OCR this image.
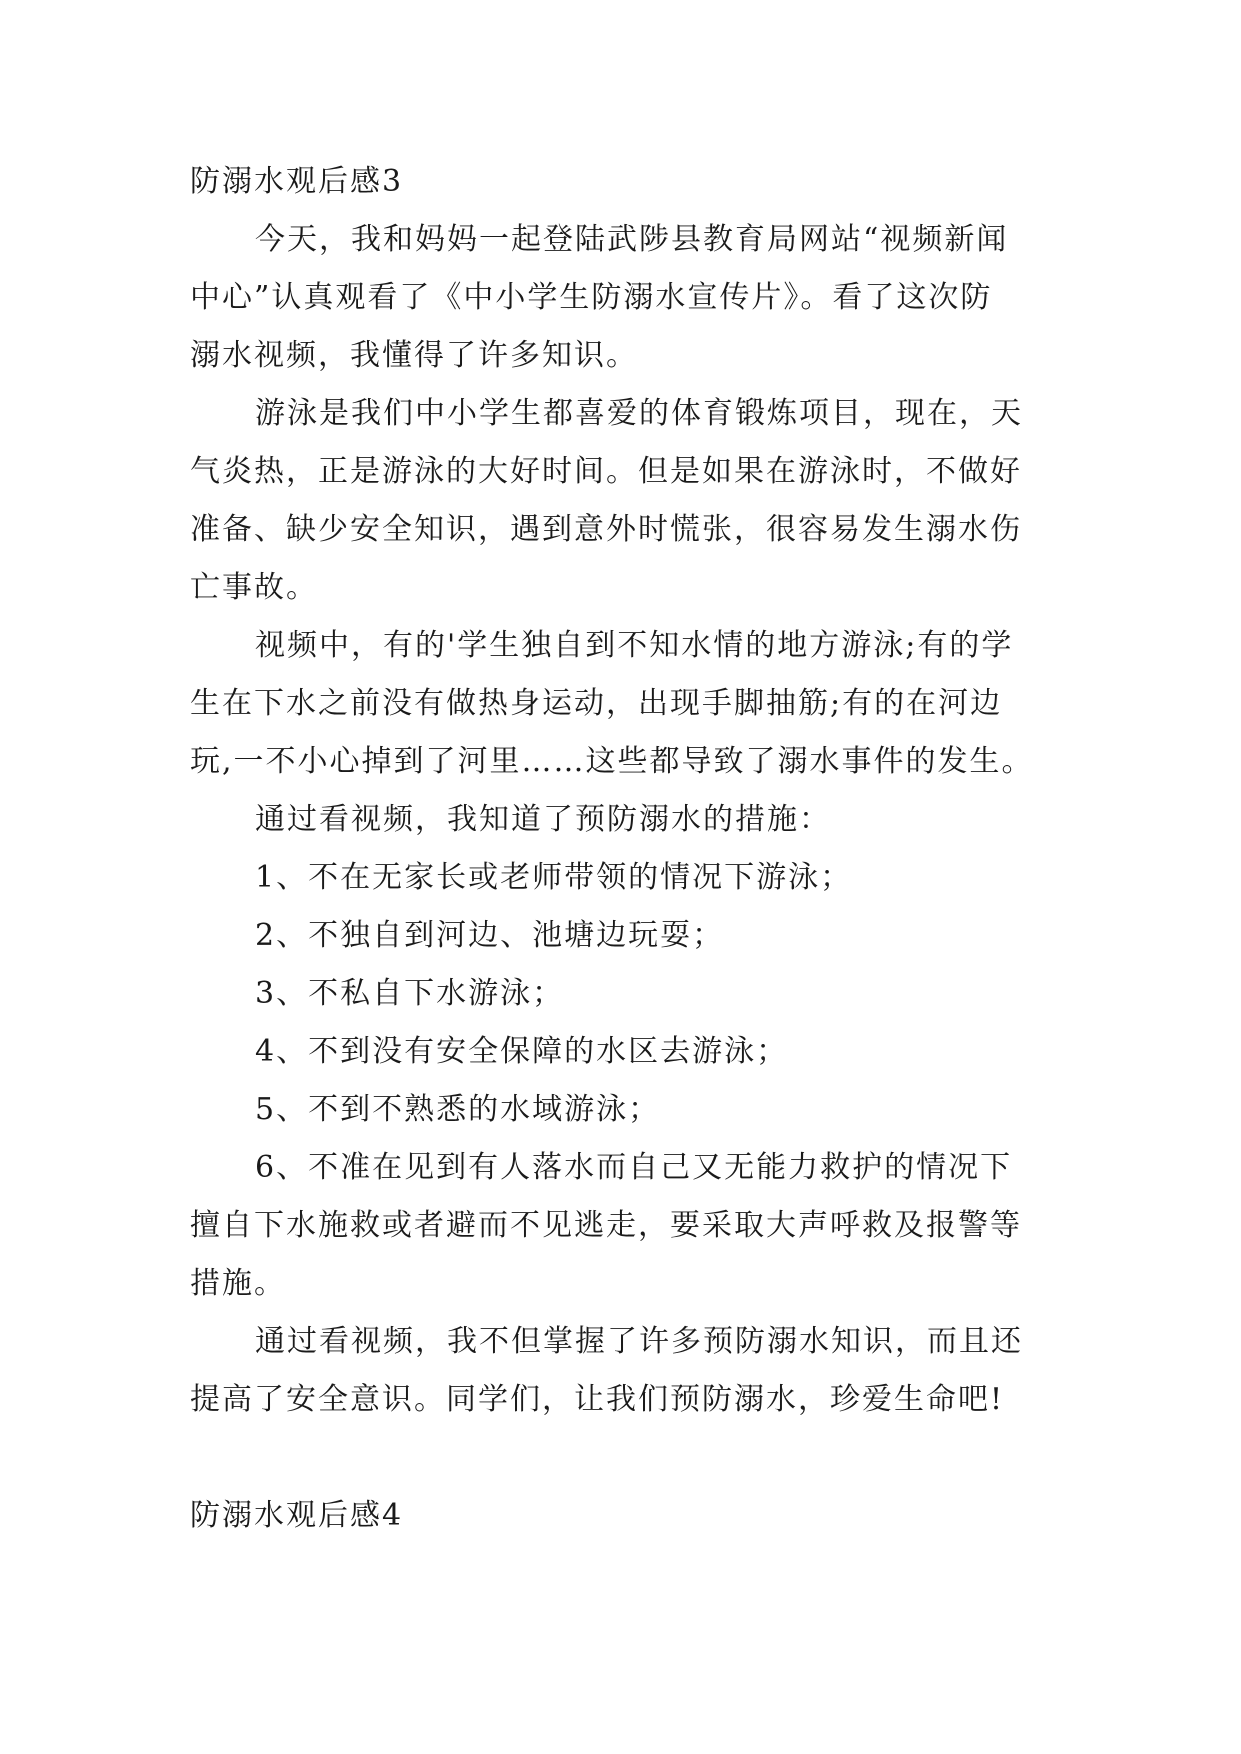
防溺水观后感3
今天，我和妈妈一起登陆武陟县教育局网站“视频新闻
中心”认真观看了《中小学生防溺水宣传片》。看了这次防
溺水视频，我懂得了许多知识。
游泳是我们中小学生都喜爱的体育锻炼项目，现在，天
气炎热，正是游泳的大好时间。但是如果在游泳时，不做好
准备、缺少安全知识，遇到意外时慌张，很容易发生溺水伤
亡事故。
视频中，有的'学生独自到不知水情的地方游泳;有的学
生在下水之前没有做热身运动，出现手脚抽筋;有的在河边
玩,一不小心掉到了河里……这些都导致了溺水事件的发生。
通过看视频，我知道了预防溺水的措施：
1、不在无家长或老师带领的情况下游泳；
2、不独自到河边、池塘边玩耍；
3、不私自下水游泳；
4、不到没有安全保障的水区去游泳；
5、不到不熟悉的水域游泳；
6、不准在见到有人落水而自己又无能力救护的情况下
擅自下水施救或者避而不见逃走，要采取大声呼救及报警等
措施。
通过看视频，我不但掌握了许多预防溺水知识，而且还
提高了安全意识。同学们，让我们预防溺水，珍爱生命吧!
防溺水观后感4
